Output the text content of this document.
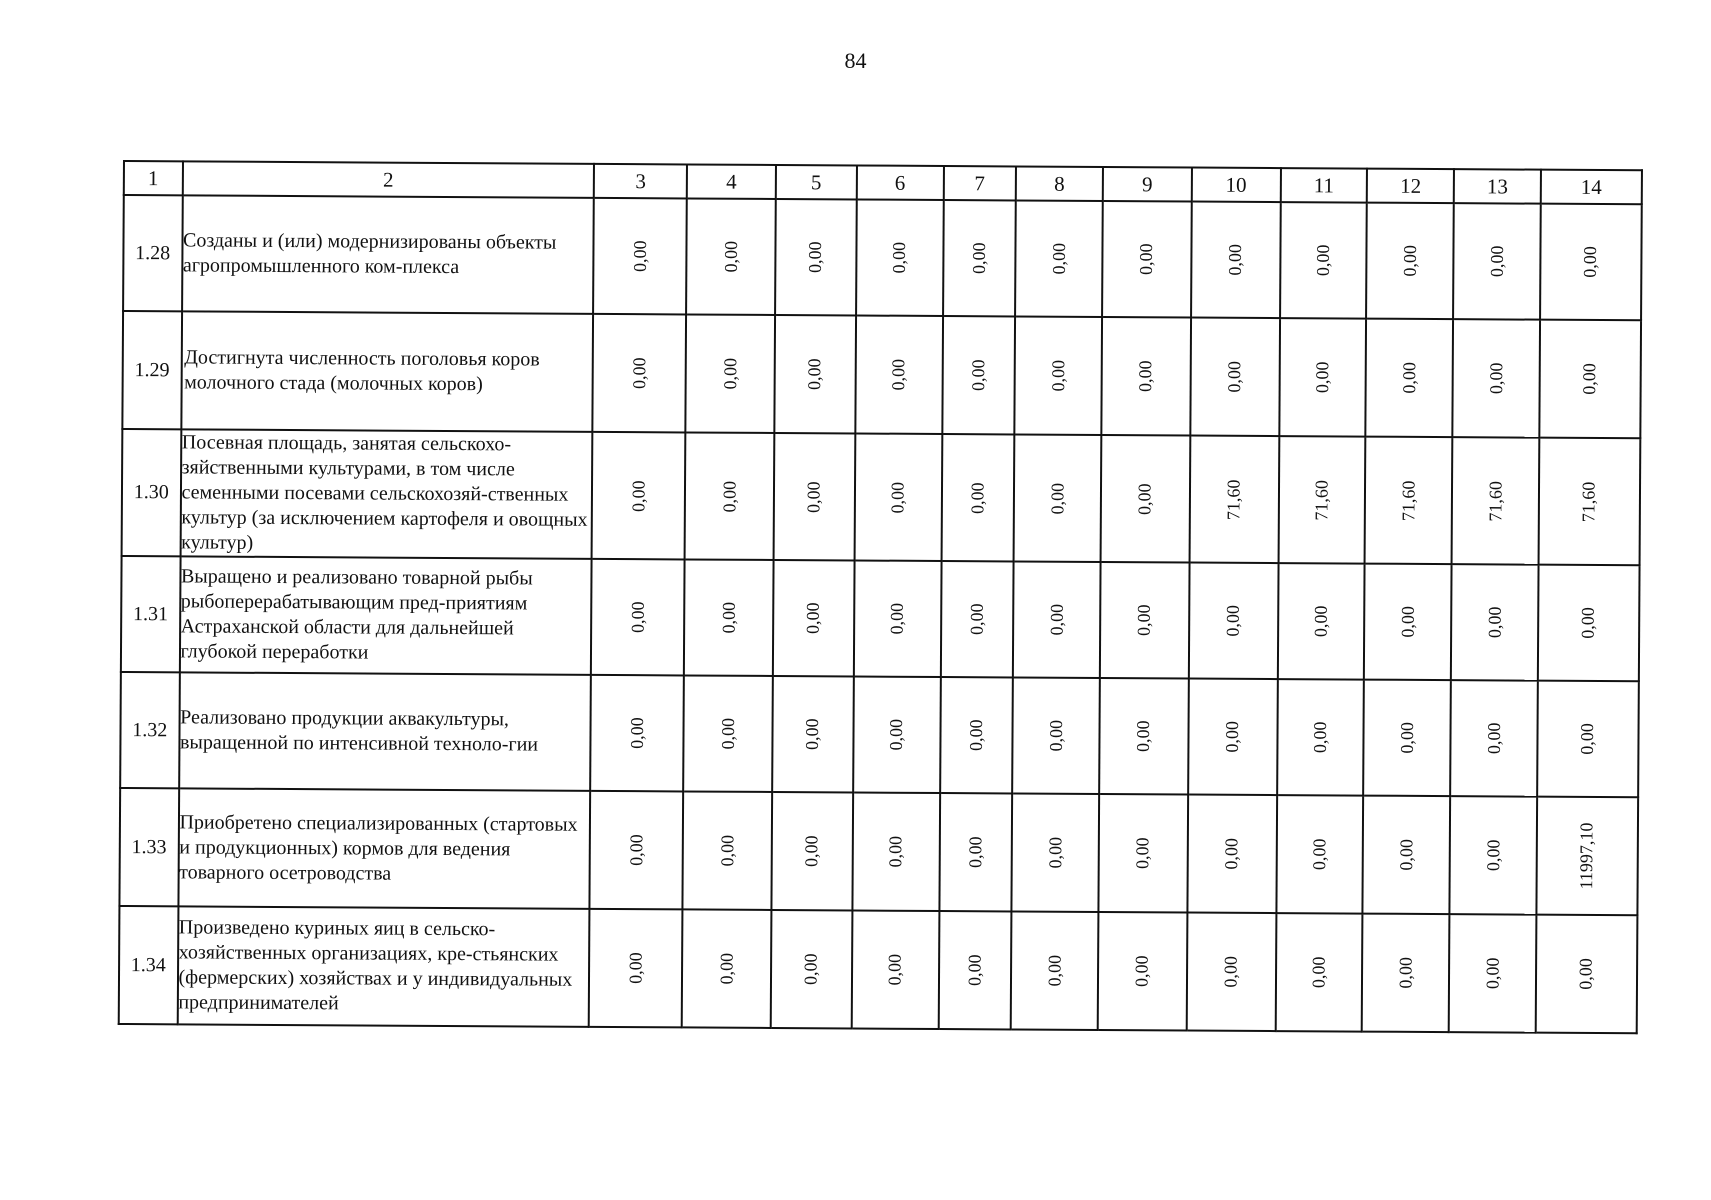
84
1	2	3	4	5	6	7	8	9	10	11	12	13	14
1.28	Созданы и (или) модернизированы объекты агропромышленного ком-плекса	0,00	0,00	0,00	0,00	0,00	0,00	0,00	0,00	0,00	0,00	0,00	0,00

1.29	Достигнута численность поголовья коров молочного стада (молочных коров)	0,00	0,00	0,00	0,00	0,00	0,00	0,00	0,00	0,00	0,00	0,00	0,00

1.30	Посевная площадь, занятая сельскохо-зяйственными культурами, в том числе семенными посевами сельскохозяй-ственных культур (за исключением картофеля и овощных культур)	0,00	0,00	0,00	0,00	0,00	0,00	0,00	71,60	71,60	71,60	71,60	71,60

1.31	Выращено и реализовано товарной рыбы рыбоперерабатывающим пред-приятиям Астраханской области для дальнейшей глубокой переработки	0,00	0,00	0,00	0,00	0,00	0,00	0,00	0,00	0,00	0,00	0,00	0,00

1.32	Реализовано продукции аквакультуры, выращенной по интенсивной техноло-гии	0,00	0,00	0,00	0,00	0,00	0,00	0,00	0,00	0,00	0,00	0,00	0,00

1.33	Приобретено специализированных (стартовых и продукционных) кормов для ведения товарного осетроводства	0,00	0,00	0,00	0,00	0,00	0,00	0,00	0,00	0,00	0,00	0,00	11997,10

1.34	Произведено куриных яиц в сельско-хозяйственных организациях, кре-стьянских (фермерских) хозяйствах и у индивидуальных предпринимателей	0,00	0,00	0,00	0,00	0,00	0,00	0,00	0,00	0,00	0,00	0,00	0,00
